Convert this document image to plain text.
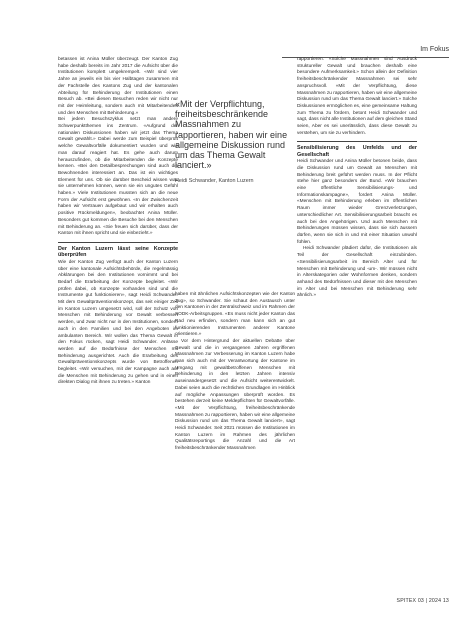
Im Fokus

betassen ist Anina Müller überzeugt. Der Kanton Zug habe deshalb bereits im Jahr 2017 die Aufsicht über die Institutionen komplett umgekrempelt. «Wir sind vier Jahre an jeweils ein bis vier Halbtagen zusammen mit der Fachstelle des Kantons Zug und der kantonalen Abteilung für Behinderung der Institutionen einen Besuch ab. «Bei diesen Besuchen reden wir nicht nur mit der Heimleitung, sondern auch mit Mitarbeitenden und den Menschen mit Behinderung.»

Bei jedem Besuchszyklus setzt man andere Schwerpunktthemen ins Zentrum. «Aufgrund der nationalen Diskussionen haben wir jetzt das Thema Gewalt gewählt.» Dabei werde zum Beispiel überprüft welche Gewaltvorfälle dokumentiert wurden und wie man darauf reagiert hat. Es gehe auch darum herauszufinden, ob die Mitarbeitenden die Konzepte kennen. «Bei den Detailbesprechungen sind auch die Bewohnenden interessiert an. Das ist ein wichtiges Element für uns. Ob sie darüber Bescheid wissen was sie unternehmen können, wenn sie ein ungutes Gefühl haben.» Viele Institutionen mussten sich an die neue Form der Aufsicht erst gewöhnen. «In der Zwischenzeit haben wir Vertrauen aufgebaut und wir erhalten auch positive Rückmeldungen», beobachtet Anina Müller. Besonders gut kommen die Besuche bei den Menschen mit Behinderung an. «Sie freuen sich darüber, dass der Kanton mit ihnen spricht und sie einbezieht.»

Der Kanton Luzern lässt seine Konzepte überprüfen

Wie der Kanton Zug verfügt auch der Kanton Luzern über eine kantonale Aufsichtsbehörde, die regelmässig Abklärungen bei den Institutionen vornimmt und bei Bedarf die Erarbeitung der Konzepte begleitet. «Wir prüfen dabei, ob Konzepte vorhanden sind und die Instrumente gut funktionieren», sagt Heidi Schwander. Mit dem Gewaltpräventionskonzept, das seit einiger Zeit im Kanton Luzern umgesetzt wird, soll der Schutz von Menschen mit Behinderung vor Gewalt verbessert werden, und zwar nicht nur in den Institutionen, sondern auch in den Familien und bei den Angeboten im ambulanten Bereich. Wir wollen das Thema Gewalt in den Fokus rücken, sagt Heidi Schwander. Anlässe werden auf die Bedürfnisse der Menschen mit Behinderung ausgerichtet. Auch die Erarbeitung des Gewaltpräventionskonzepts wurde von Betroffenen begleitet. «Wir versuchen, mit der Kampagne auch auf die Menschen mit Behinderung zu gehen und in einen direkten Dialog mit ihnen zu treten.» Kanton

«Mit der Verpflichtung, freiheitsbeschränkende Massnahmen zu rapportieren, haben wir eine allgemeine Diskussion rund um das Thema Gewalt lanciert.»
Heidi Schwander, Kanton Luzern

haben mit ähnlichen Aufsichtskonzepten wie der Kanton Zug», so Schwander. Sie schaut den Austausch unter den Kantonen in der Zentralschweiz und im Rahmen der SODK-Arbeitsgruppen. «Es muss nicht jeder Kanton das Rad neu erfinden, sondern man kann sich an gut funktionierenden Instrumenten anderer Kantone orientieren.»

Vor dem Hintergrund der aktuellen Debatte über Gewalt und die in vergangenen Jahren ergriffenen Massnahmen zur Verbesserung im Kanton Luzern habe man sich auch mit der Verantwortung der Kantone im Umgang mit gewaltbetroffenen Menschen mit Behinderung in den letzten Jahren intensiv auseinandergesetzt und die Aufsicht weiterentwickelt. Dabei seien auch die rechtlichen Grundlagen im Hinblick auf mögliche Anpassungen überprüft worden. Es bestehen derzeit keine Meldepflichten für Gewaltvorfälle. «Mit der Verpflichtung, freiheitsbeschränkende Massnahmen zu rapportieren, haben wir eine allgemeine Diskussion rund um das Thema Gewalt lanciert», sagt Heidi Schwander. Seit 2021 müssen die Institutionen im Kanton Luzern im Rahmen des jährlichen Qualitätsreportings die Anzahl und die Art freiheitsbeschränkender Massnahmen

rapportieren. «Solche Massnahmen sind Ausdruck struktureller Gewalt und brauchen deshalb eine besondere Aufmerksamkeit.» Schon allein der Definition freiheitsbeschränkender Massnahmen sei sehr anspruchsvoll. «Mit der Verpflichtung, diese Massnahmen zu rapportieren, haben wir eine allgemeine Diskussion rund um das Thema Gewalt lanciert.» Solche Diskussionen ermöglichen es, eine gemeinsame Haltung zum Thema zu fördern, betont Heidi Schwander und sagt, dass nicht alle Institutionen auf dem gleichen Stand seien, Aber es sei unerlässlich, dass diese Gewalt zu verstehen, um sie zu verhindern.

Sensibilisierung des Umfelds und der Gesellschaft

Heidi Schwander und Anina Müller betonen beide, dass die Diskussion rund um Gewalt an Menschen mit Behinderung breit geführt werden muss. In der Pflicht stehe hier ganz besonders der Bund. «Wir brauchen eine öffentliche Sensibilisierungs- und Informationskampagne», fordert Anina Müller. «Menschen mit Behinderung erleben im öffentlichen Raum immer wieder Grenzverletzungen, unterschiedlicher Art. Sensibilisierungsarbeit braucht es auch bei den Angehörigen. Und auch Menschen mit Behinderungen müssen wissen, dass sie sich äussern dürfen, wenn sie sich in und mit einer Situation unwohl fühlen.

Heidi Schwander plädiert dafür, die Institutionen als Teil der Gesellschaft einzubinden. «Sensibilisierungsarbeit im Bereich Alter und für Menschen mit Behinderung und -um-. Wir müssen nicht in Alterskategorien oder Wohnformen denken, sondern anhand des Bedürfnissen und dieser mit den Menschen im Alter und bei Menschen mit Behinderung sehr ähnlich.»

SPITEX 03 | 2024 13
